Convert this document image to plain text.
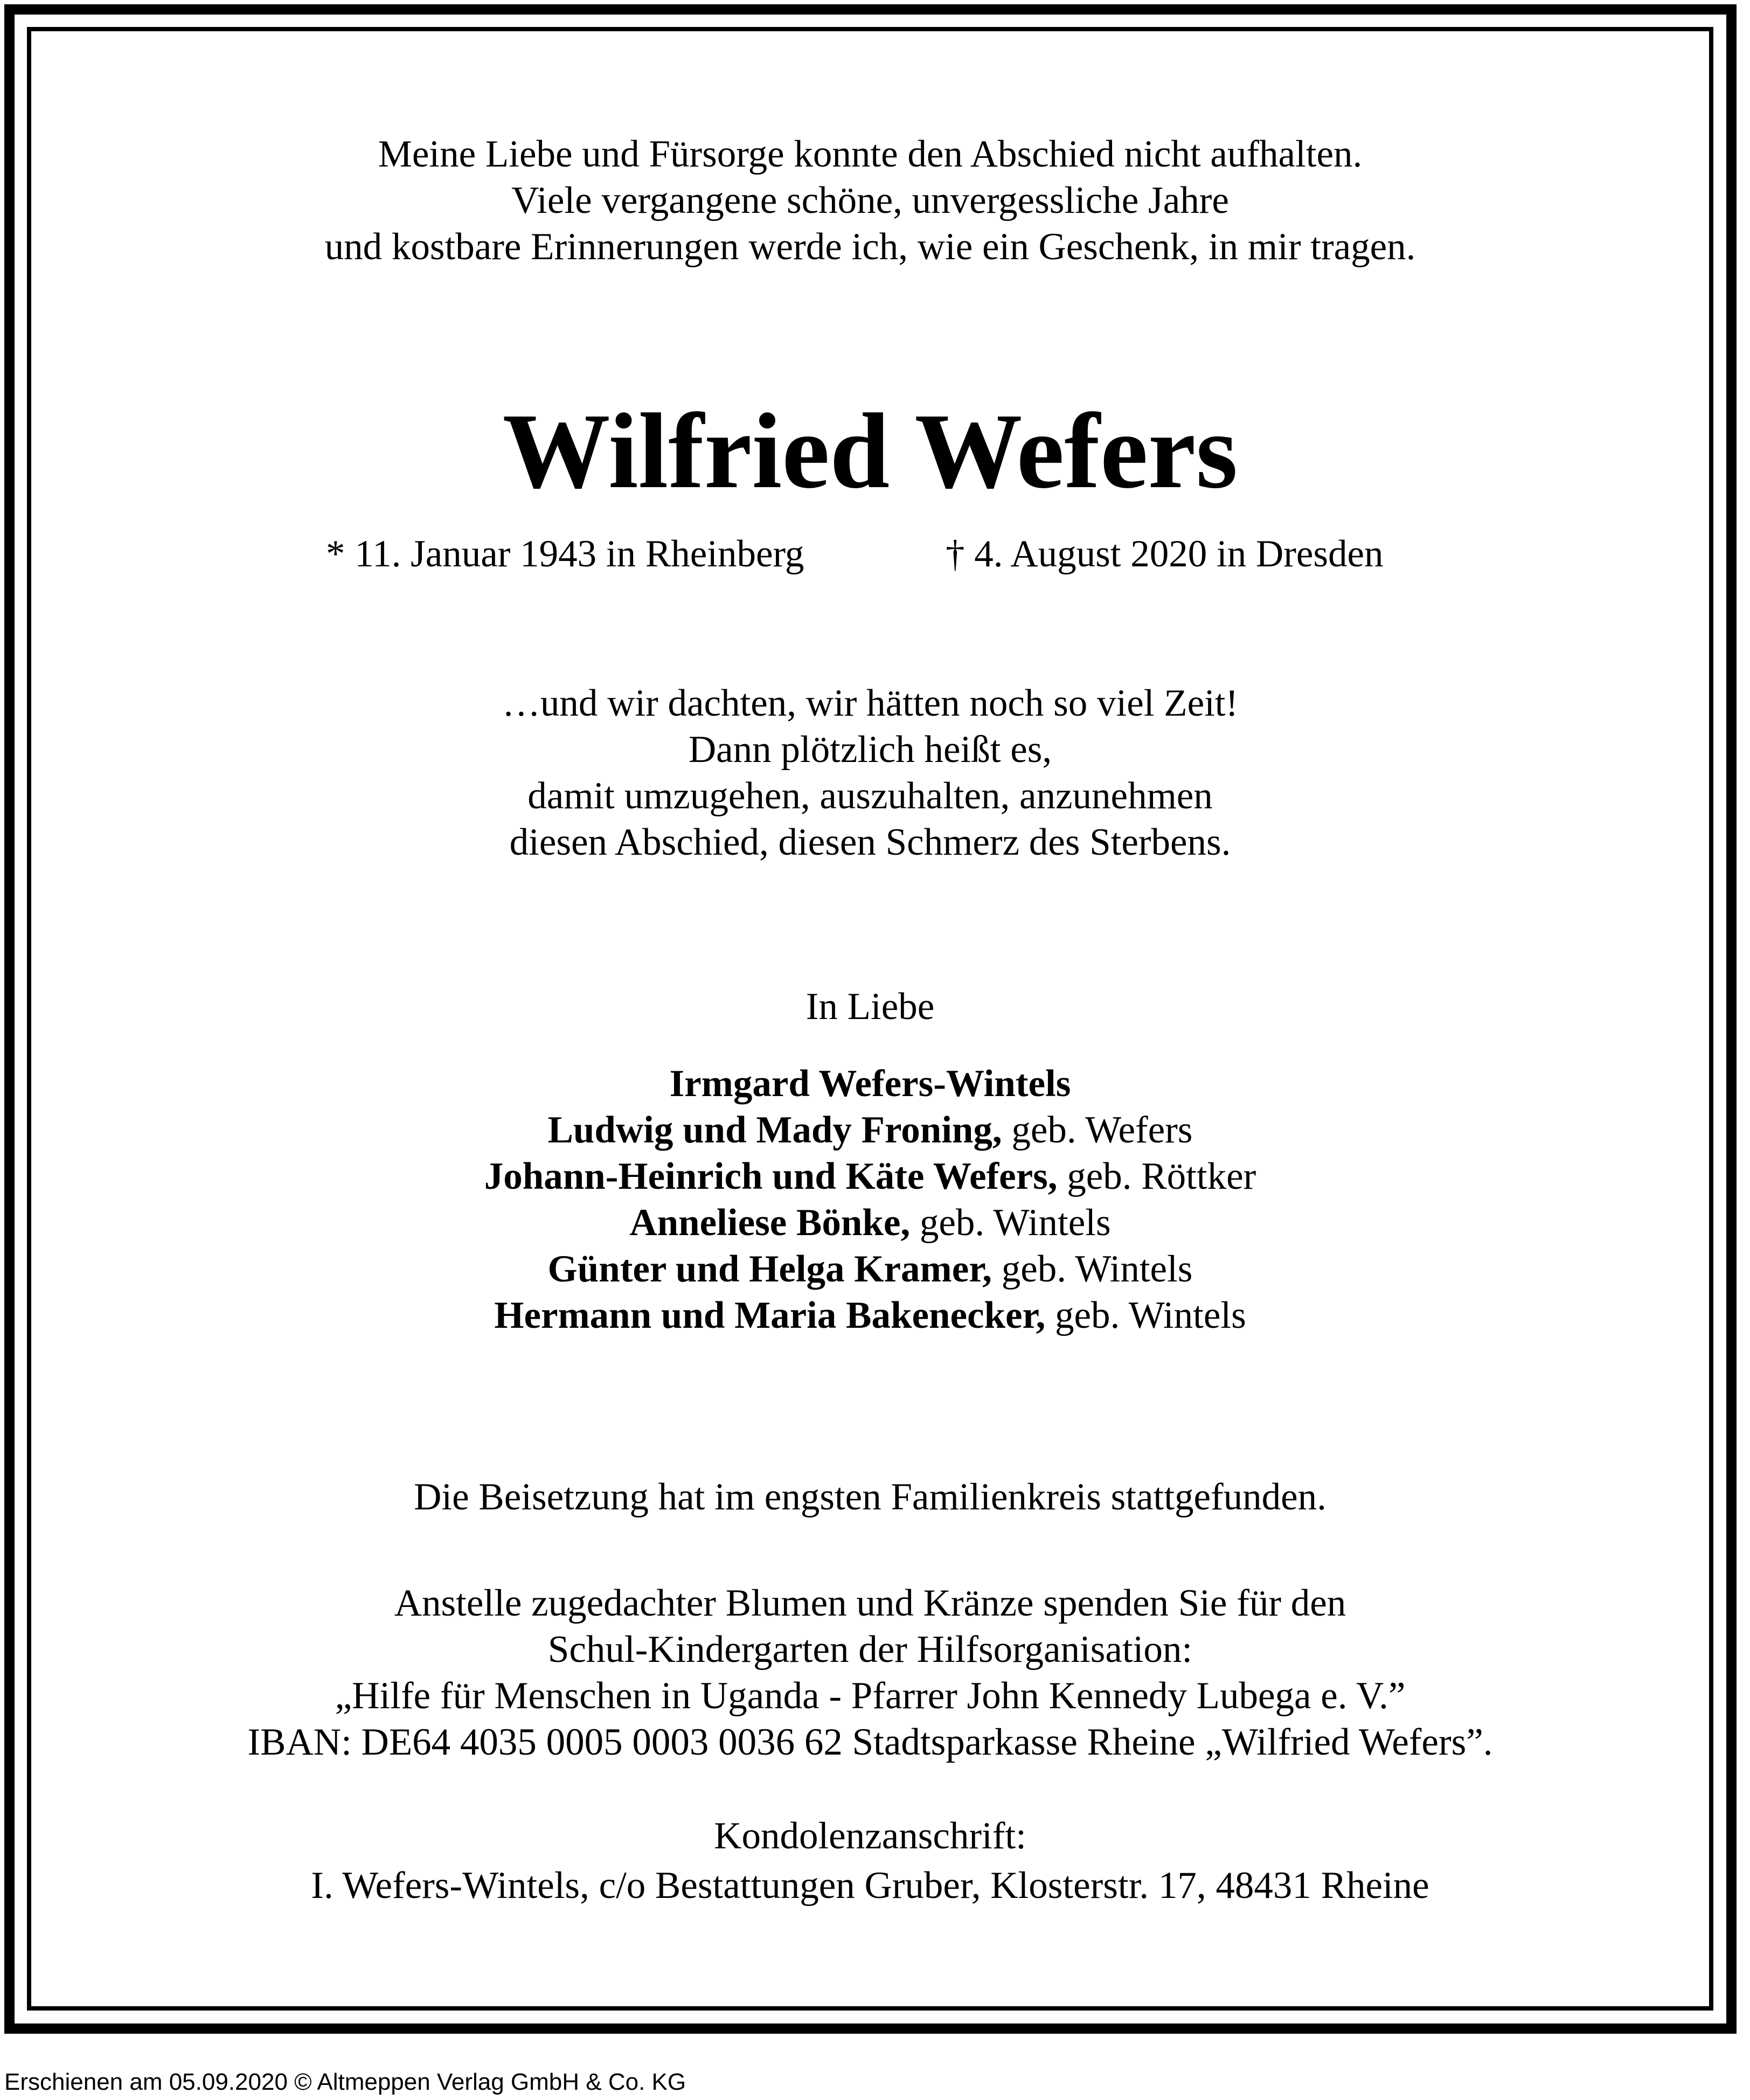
Meine Liebe und Fürsorge konnte den Abschied nicht aufhalten.
Viele vergangene schöne, unvergessliche Jahre
und kostbare Erinnerungen werde ich, wie ein Geschenk, in mir tragen.
Wilfried Wefers
* 11. Januar 1943 in Rheinberg	† 4. August 2020 in Dresden
…und wir dachten, wir hätten noch so viel Zeit!
Dann plötzlich heißt es,
damit umzugehen, auszuhalten, anzunehmen
diesen Abschied, diesen Schmerz des Sterbens.
In Liebe
Irmgard Wefers-Wintels
Ludwig und Mady Froning, geb. Wefers
Johann-Heinrich und Käte Wefers, geb. Röttker
Anneliese Bönke, geb. Wintels
Günter und Helga Kramer, geb. Wintels
Hermann und Maria Bakenecker, geb. Wintels
Die Beisetzung hat im engsten Familienkreis stattgefunden.
Anstelle zugedachter Blumen und Kränze spenden Sie für den
Schul-Kindergarten der Hilfsorganisation:
„Hilfe für Menschen in Uganda - Pfarrer John Kennedy Lubega e. V.”
IBAN: DE64 4035 0005 0003 0036 62 Stadtsparkasse Rheine „Wilfried Wefers”.
Kondolenzanschrift:
I. Wefers-Wintels, c/o Bestattungen Gruber, Klosterstr. 17, 48431 Rheine
Erschienen am 05.09.2020 © Altmeppen Verlag GmbH & Co. KG
